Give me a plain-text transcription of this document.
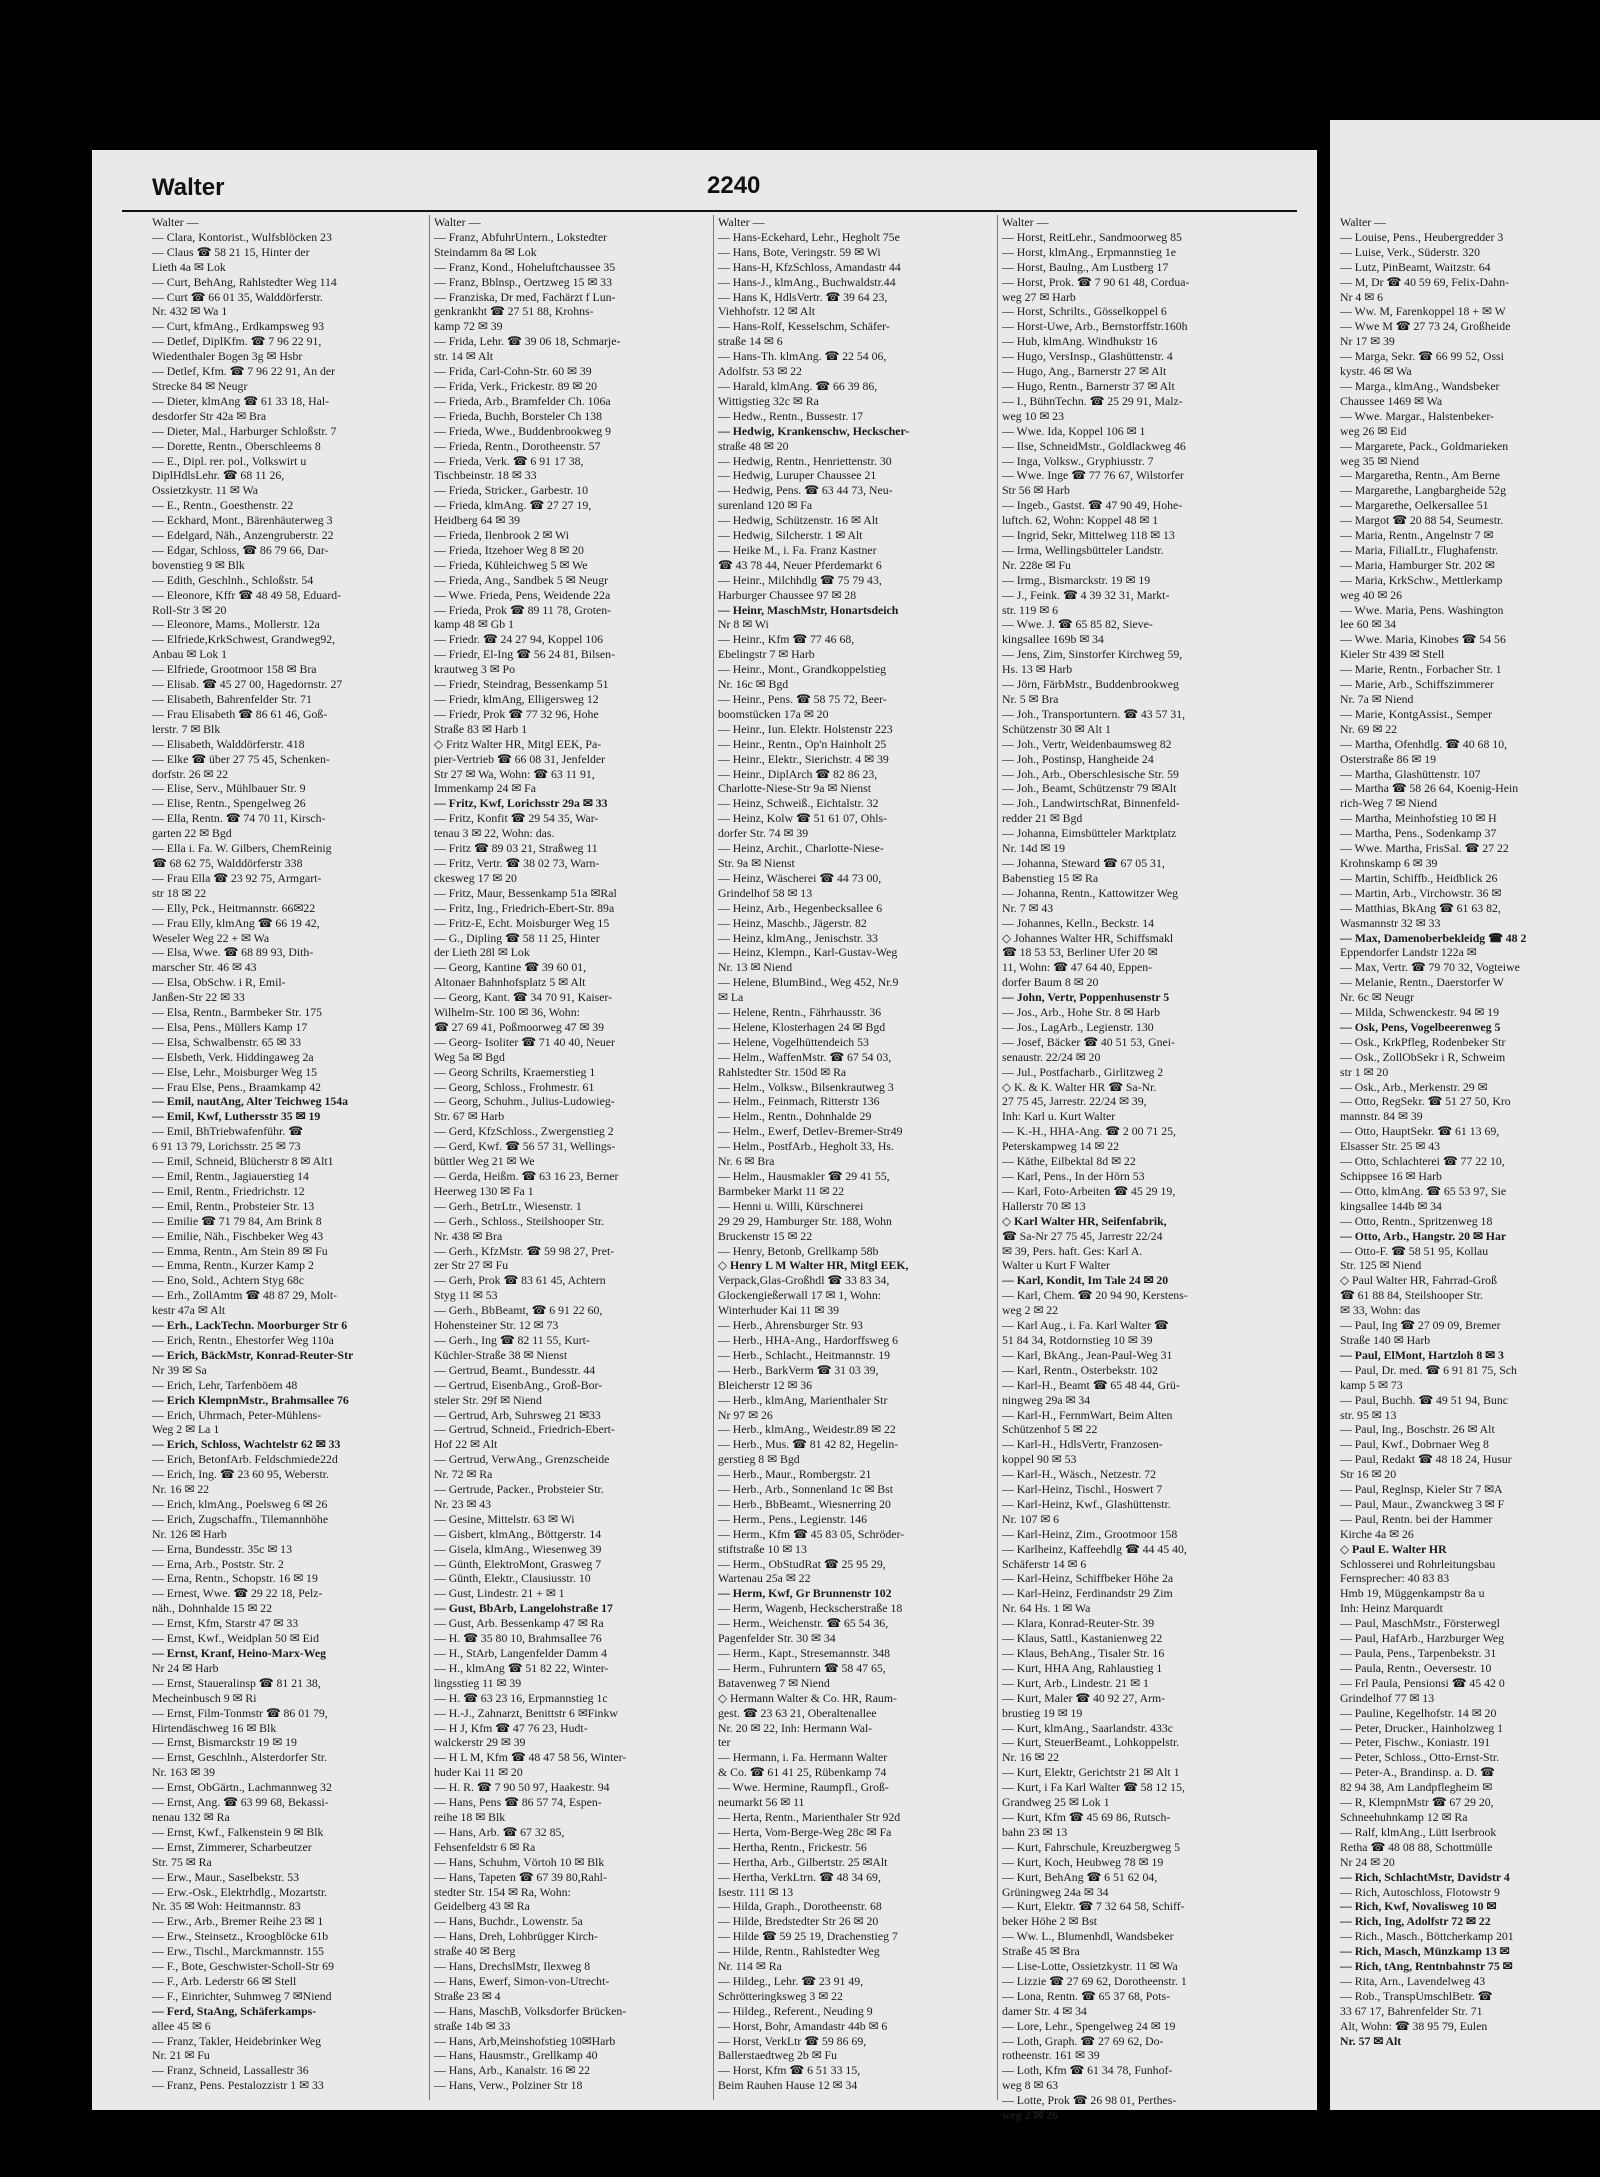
Walter	2240
Walter —
— Clara, Kontorist., Wulfsblöcken 23
— Claus ☎ 58 21 15, Hinter der
Lieth 4a ✉ Lok
— Curt, BehAng, Rahlstedter Weg 114
— Curt ☎ 66 01 35, Walddörferstr.
Nr. 432 ✉ Wa 1
— Curt, kfmAng., Erdkampsweg 93
— Detlef, DiplKfm. ☎ 7 96 22 91,
Wiedenthaler Bogen 3g ✉ Hsbr
— Detlef, Kfm. ☎ 7 96 22 91, An der
Strecke 84 ✉ Neugr
— Dieter, klmAng ☎ 61 33 18, Hal-
desdorfer Str 42a ✉ Bra
— Dieter, Mal., Harburger Schloßstr. 7
— Dorette, Rentn., Oberschleems 8
— E., Dipl. rer. pol., Volkswirt u
DiplHdlsLehr. ☎ 68 11 26,
Ossietzkystr. 11 ✉ Wa
— E., Rentn., Goesthenstr. 22
— Eckhard, Mont., Bärenhäuterweg 3
— Edelgard, Näh., Anzengruberstr. 22
— Edgar, Schloss, ☎ 86 79 66, Dar-
bovenstieg 9 ✉ Blk
— Edith, Geschlnh., Schloßstr. 54
— Eleonore, Kffr ☎ 48 49 58, Eduard-
Roll-Str 3 ✉ 20
— Eleonore, Mams., Mollerstr. 12a
— Elfriede,KrkSchwest, Grandweg92,
Anbau ✉ Lok 1
— Elfriede, Grootmoor 158 ✉ Bra
— Elisab. ☎ 45 27 00, Hagedornstr. 27
— Elisabeth, Bahrenfelder Str. 71
— Frau Elisabeth ☎ 86 61 46, Goß-
lerstr. 7 ✉ Blk
— Elisabeth, Walddörferstr. 418
— Elke ☎ über 27 75 45, Schenken-
dorfstr. 26 ✉ 22
— Elise, Serv., Mühlbauer Str. 9
— Elise, Rentn., Spengelweg 26
— Ella, Rentn. ☎ 74 70 11, Kirsch-
garten 22 ✉ Bgd
— Ella i. Fa. W. Gilbers, ChemReinig
☎ 68 62 75, Walddörferstr 338
— Frau Ella ☎ 23 92 75, Armgart-
str 18 ✉ 22
— Elly, Pck., Heitmannstr. 66✉22
— Frau Elly, klmAng ☎ 66 19 42,
Weseler Weg 22 + ✉ Wa
— Elsa, Wwe. ☎ 68 89 93, Dith-
marscher Str. 46 ✉ 43
— Elsa, ObSchw. i R, Emil-
Janßen-Str 22 ✉ 33
— Elsa, Rentn., Barmbeker Str. 175
— Elsa, Pens., Müllers Kamp 17
— Elsa, Schwalbenstr. 65 ✉ 33
— Elsbeth, Verk. Hiddingaweg 2a
— Else, Lehr., Moisburger Weg 15
— Frau Else, Pens., Braamkamp 42
— Emil, nautAng, Alter Teichweg 154a
— Emil, Kwf, Luthersstr 35 ✉ 19
— Emil, BhTriebwafenführ. ☎
6 91 13 79, Lorichsstr. 25 ✉ 73
— Emil, Schneid, Blücherstr 8 ✉ Alt1
— Emil, Rentn., Jagiauerstieg 14
— Emil, Rentn., Friedrichstr. 12
— Emil, Rentn., Probsteier Str. 13
— Emilie ☎ 71 79 84, Am Brink 8
— Emilie, Näh., Fischbeker Weg 43
— Emma, Rentn., Am Stein 89 ✉ Fu
— Emma, Rentn., Kurzer Kamp 2
— Eno, Sold., Achtern Styg 68c
— Erh., ZollAmtm ☎ 48 87 29, Molt-
kestr 47a ✉ Alt
— Erh., LackTechn. Moorburger Str 6
— Erich, Rentn., Ehestorfer Weg 110a
— Erich, BäckMstr, Konrad-Reuter-Str
Nr 39 ✉ Sa
— Erich, Lehr, Tarfenböem 48
— Erich KlempnMstr., Brahmsallee 76
— Erich, Uhrmach, Peter-Mühlens-
Weg 2 ✉ La 1
— Erich, Schloss, Wachtelstr 62 ✉ 33
— Erich, BetonfArb. Feldschmiede22d
— Erich, Ing. ☎ 23 60 95, Weberstr.
Nr. 16 ✉ 22
— Erich, klmAng., Poelsweg 6 ✉ 26
— Erich, Zugschaffn., Tilemannhöhe
Nr. 126 ✉ Harb
— Erna, Bundesstr. 35c ✉ 13
— Erna, Arb., Poststr. Str. 2
— Erna, Rentn., Schopstr. 16 ✉ 19
— Ernest, Wwe. ☎ 29 22 18, Pelz-
näh., Dohnhalde 15 ✉ 22
— Ernst, Kfm, Starstr 47 ✉ 33
— Ernst, Kwf., Weidplan 50 ✉ Eid
— Ernst, Kranf, Heino-Marx-Weg
Nr 24 ✉ Harb
— Ernst, Staueralinsp ☎ 81 21 38,
Mecheinbusch 9 ✉ Ri
— Ernst, Film-Tonmstr ☎ 86 01 79,
Hirtendäschweg 16 ✉ Blk
— Ernst, Bismarckstr 19 ✉ 19
— Ernst, Geschlnh., Alsterdorfer Str.
Nr. 163 ✉ 39
— Ernst, ObGärtn., Lachmannweg 32
— Ernst, Ang. ☎ 63 99 68, Bekassi-
nenau 132 ✉ Ra
— Ernst, Kwf., Falkenstein 9 ✉ Blk
— Ernst, Zimmerer, Scharbeutzer
Str. 75 ✉ Ra
— Erw., Maur., Saselbekstr. 53
— Erw.-Osk., Elektrhdlg., Mozartstr.
Nr. 35 ✉ Woh: Heitmannstr. 83
— Erw., Arb., Bremer Reihe 23 ✉ 1
— Erw., Steinsetz., Kroogblöcke 61b
— Erw., Tischl., Marckmannstr. 155
— F., Bote, Geschwister-Scholl-Str 69
— F., Arb. Lederstr 66 ✉ Stell
— F., Einrichter, Suhmweg 7 ✉Niend
— Ferd, StaAng, Schäferkamps-
allee 45 ✉ 6
— Franz, Takler, Heidebrinker Weg
Nr. 21 ✉ Fu
— Franz, Schneid, Lassallestr 36
— Franz, Pens. Pestalozzistr 1 ✉ 33
Walter —
— Franz, AbfuhrUntern., Lokstedter
Steindamm 8a ✉ Lok
— Franz, Kond., Hoheluftchaussee 35
— Franz, Bblnsp., Oertzweg 15 ✉ 33
— Franziska, Dr med, Fachärzt f Lun-
genkrankht ☎ 27 51 88, Krohns-
kamp 72 ✉ 39
— Frida, Lehr. ☎ 39 06 18, Schmarje-
str. 14 ✉ Alt
— Frida, Carl-Cohn-Str. 60 ✉ 39
— Frida, Verk., Frickestr. 89 ✉ 20
— Frieda, Arb., Bramfelder Ch. 106a
— Frieda, Buchh, Borsteler Ch 138
— Frieda, Wwe., Buddenbrookweg 9
— Frieda, Rentn., Dorotheenstr. 57
— Frieda, Verk. ☎ 6 91 17 38,
Tischbeinstr. 18 ✉ 33
— Frieda, Stricker., Garbestr. 10
— Frieda, klmAng. ☎ 27 27 19,
Heidberg 64 ✉ 39
— Frieda, Ilenbrook 2 ✉ Wi
— Frieda, Itzehoer Weg 8 ✉ 20
— Frieda, Kühleichweg 5 ✉ We
— Frieda, Ang., Sandbek 5 ✉ Neugr
— Wwe. Frieda, Pens, Weidende 22a
— Frieda, Prok ☎ 89 11 78, Groten-
kamp 48 ✉ Gb 1
— Friedr. ☎ 24 27 94, Koppel 106
— Friedr, El-Ing ☎ 56 24 81, Bilsen-
krautweg 3 ✉ Po
— Friedr, Steindrag, Bessenkamp 51
— Friedr, klmAng, Elligersweg 12
— Friedr, Prok ☎ 77 32 96, Hohe
Straße 83 ✉ Harb 1
◇ Fritz Walter HR, Mitgl EEK, Pa-
pier-Vertrieb ☎ 66 08 31, Jenfelder
Str 27 ✉ Wa, Wohn: ☎ 63 11 91,
Immenkamp 24 ✉ Fa
— Fritz, Kwf, Lorichsstr 29a ✉ 33
— Fritz, Konfit ☎ 29 54 35, War-
tenau 3 ✉ 22, Wohn: das.
— Fritz ☎ 89 03 21, Straßweg 11
— Fritz, Vertr. ☎ 38 02 73, Warn-
ckesweg 17 ✉ 20
— Fritz, Maur, Bessenkamp 51a ✉Ral
— Fritz, Ing., Friedrich-Ebert-Str. 89a
— Fritz-E, Echt. Moisburger Weg 15
— G., Dipling ☎ 58 11 25, Hinter
der Lieth 28l ✉ Lok
— Georg, Kantine ☎ 39 60 01,
Altonaer Bahnhofsplatz 5 ✉ Alt
— Georg, Kant. ☎ 34 70 91, Kaiser-
Wilhelm-Str. 100 ✉ 36, Wohn:
☎ 27 69 41, Poßmoorweg 47 ✉ 39
— Georg- Isoliter ☎ 71 40 40, Neuer
Weg 5a ✉ Bgd
— Georg Schrilts, Kraemerstieg 1
— Georg, Schloss., Frohmestr. 61
— Georg, Schuhm., Julius-Ludowieg-
Str. 67 ✉ Harb
— Gerd, KfzSchloss., Zwergenstieg 2
— Gerd, Kwf. ☎ 56 57 31, Wellings-
büttler Weg 21 ✉ We
— Gerda, Heißm. ☎ 63 16 23, Berner
Heerweg 130 ✉ Fa 1
— Gerh., BetrLtr., Wiesenstr. 1
— Gerh., Schloss., Steilshooper Str.
Nr. 438 ✉ Bra
— Gerh., KfzMstr. ☎ 59 98 27, Pret-
zer Str 27 ✉ Fu
— Gerh, Prok ☎ 83 61 45, Achtern
Styg 11 ✉ 53
— Gerh., BbBeamt, ☎ 6 91 22 60,
Hohensteiner Str. 12 ✉ 73
— Gerh., Ing ☎ 82 11 55, Kurt-
Küchler-Straße 38 ✉ Nienst
— Gertrud, Beamt., Bundesstr. 44
— Gertrud, EisenbAng., Groß-Bor-
steler Str. 29f ✉ Niend
— Gertrud, Arb, Suhrsweg 21 ✉33
— Gertrud, Schneid., Friedrich-Ebert-
Hof 22 ✉ Alt
— Gertrud, VerwAng., Grenzscheide
Nr. 72 ✉ Ra
— Gertrude, Packer., Probsteier Str.
Nr. 23 ✉ 43
— Gesine, Mittelstr. 63 ✉ Wi
— Gisbert, klmAng., Böttgerstr. 14
— Gisela, klmAng., Wiesenweg 39
— Günth, ElektroMont, Grasweg 7
— Günth, Elektr., Clausiusstr. 10
— Gust, Lindestr. 21 + ✉ 1
— Gust, BbArb, Langelohstraße 17
— Gust, Arb. Bessenkamp 47 ✉ Ra
— H. ☎ 35 80 10, Brahmsallee 76
— H., StArb, Langenfelder Damm 4
— H., klmAng ☎ 51 82 22, Winter-
lingsstieg 11 ✉ 39
— H. ☎ 63 23 16, Erpmannstieg 1c
— H.-J., Zahnarzt, Benittstr 6 ✉Finkw
— H J, Kfm ☎ 47 76 23, Hudt-
walckerstr 29 ✉ 39
— H L M, Kfm ☎ 48 47 58 56, Winter-
huder Kai 11 ✉ 20
— H. R. ☎ 7 90 50 97, Haakestr. 94
— Hans, Pens ☎ 86 57 74, Espen-
reihe 18 ✉ Blk
— Hans, Arb. ☎ 67 32 85,
Fehsenfeldstr 6 ✉ Ra
— Hans, Schuhm, Vörtoh 10 ✉ Blk
— Hans, Tapeten ☎ 67 39 80,Rahl-
stedter Str. 154 ✉ Ra, Wohn:
Geidelberg 43 ✉ Ra
— Hans, Buchdr., Lowenstr. 5a
— Hans, Dreh, Lohbrügger Kirch-
straße 40 ✉ Berg
— Hans, DrechslMstr, Ilexweg 8
— Hans, Ewerf, Simon-von-Utrecht-
Straße 23 ✉ 4
— Hans, MaschB, Volksdorfer Brücken-
straße 14b ✉ 33
— Hans, Arb,Meinshofstieg 10✉Harb
— Hans, Hausmstr., Grellkamp 40
— Hans, Arb., Kanalstr. 16 ✉ 22
— Hans, Verw., Polziner Str 18
Walter —
— Hans-Eckehard, Lehr., Hegholt 75e
— Hans, Bote, Veringstr. 59 ✉ Wi
— Hans-H, KfzSchloss, Amandastr 44
— Hans-J., klmAng., Buchwaldstr.44
— Hans K, HdlsVertr. ☎ 39 64 23,
Viehhofstr. 12 ✉ Alt
— Hans-Rolf, Kesselschm, Schäfer-
straße 14 ✉ 6
— Hans-Th. klmAng. ☎ 22 54 06,
Adolfstr. 53 ✉ 22
— Harald, klmAng. ☎ 66 39 86,
Wittigstieg 32c ✉ Ra
— Hedw., Rentn., Bussestr. 17
— Hedwig, Krankenschw, Heckscher-
straße 48 ✉ 20
— Hedwig, Rentn., Henriettenstr. 30
— Hedwig, Luruper Chaussee 21
— Hedwig, Pens. ☎ 63 44 73, Neu-
surenland 120 ✉ Fa
— Hedwig, Schützenstr. 16 ✉ Alt
— Hedwig, Silcherstr. 1 ✉ Alt
— Heike M., i. Fa. Franz Kastner
☎ 43 78 44, Neuer Pferdemarkt 6
— Heinr., Milchhdlg ☎ 75 79 43,
Harburger Chaussee 97 ✉ 28
— Heinr, MaschMstr, Honartsdeich
Nr 8 ✉ Wi
— Heinr., Kfm ☎ 77 46 68,
Ebelingstr 7 ✉ Harb
— Heinr., Mont., Grandkoppelstieg
Nr. 16c ✉ Bgd
— Heinr., Pens. ☎ 58 75 72, Beer-
boomstücken 17a ✉ 20
— Heinr., Iun. Elektr. Holstenstr 223
— Heinr., Rentn., Op'n Hainholt 25
— Heinr., Elektr., Sierichstr. 4 ✉ 39
— Heinr., DiplArch ☎ 82 86 23,
Charlotte-Niese-Str 9a ✉ Nienst
— Heinz, Schweiß., Eichtalstr. 32
— Heinz, Kolw ☎ 51 61 07, Ohls-
dorfer Str. 74 ✉ 39
— Heinz, Archit., Charlotte-Niese-
Str. 9a ✉ Nienst
— Heinz, Wäscherei ☎ 44 73 00,
Grindelhof 58 ✉ 13
— Heinz, Arb., Hegenbecksallee 6
— Heinz, Maschb., Jägerstr. 82
— Heinz, klmAng., Jenischstr. 33
— Heinz, Klempn., Karl-Gustav-Weg
Nr. 13 ✉ Niend
— Helene, BlumBind., Weg 452, Nr.9
✉ La
— Helene, Rentn., Fährhausstr. 36
— Helene, Klosterhagen 24 ✉ Bgd
— Helene, Vogelhüttendeich 53
— Helm., WaffenMstr. ☎ 67 54 03,
Rahlstedter Str. 150d ✉ Ra
— Helm., Volksw., Bilsenkrautweg 3
— Helm., Feinmach, Ritterstr 136
— Helm., Rentn., Dohnhalde 29
— Helm., Ewerf, Detlev-Bremer-Str49
— Helm., PostfArb., Hegholt 33, Hs.
Nr. 6 ✉ Bra
— Helm., Hausmakler ☎ 29 41 55,
Barmbeker Markt 11 ✉ 22
— Henni u. Willi, Kürschnerei
29 29 29, Hamburger Str. 188, Wohn
Bruckenstr 15 ✉ 22
— Henry, Betonb, Grellkamp 58b
◇ Henry L M Walter HR, Mitgl EEK,
Verpack,Glas-Großhdl ☎ 33 83 34,
Glockengießerwall 17 ✉ 1, Wohn:
Winterhuder Kai 11 ✉ 39
— Herb., Ahrensburger Str. 93
— Herb., HHA-Ang., Hardorffsweg 6
— Herb., Schlacht., Heitmannstr. 19
— Herb., BarkVerm ☎ 31 03 39,
Bleicherstr 12 ✉ 36
— Herb., klmAng, Marienthaler Str
Nr 97 ✉ 26
— Herb., klmAng., Weidestr.89 ✉ 22
— Herb., Mus. ☎ 81 42 82, Hegelin-
gerstieg 8 ✉ Bgd
— Herb., Maur., Rombergstr. 21
— Herb., Arb., Sonnenland 1c ✉ Bst
— Herb., BbBeamt., Wiesnerring 20
— Herm., Pens., Legienstr. 146
— Herm., Kfm ☎ 45 83 05, Schröder-
stiftstraße 10 ✉ 13
— Herm., ObStudRat ☎ 25 95 29,
Wartenau 25a ✉ 22
— Herm, Kwf, Gr Brunnenstr 102
— Herm, Wagenb, Heckscherstraße 18
— Herm., Weichenstr. ☎ 65 54 36,
Pagenfelder Str. 30 ✉ 34
— Herm., Kapt., Stresemannstr. 348
— Herm., Fuhruntern ☎ 58 47 65,
Batavenweg 7 ✉ Niend
◇ Hermann Walter & Co. HR, Raum-
gest. ☎ 23 63 21, Oberaltenallee
Nr. 20 ✉ 22, Inh: Hermann Wal-
ter
— Hermann, i. Fa. Hermann Walter
& Co. ☎ 61 41 25, Rübenkamp 74
— Wwe. Hermine, Raumpfl., Groß-
neumarkt 56 ✉ 11
— Herta, Rentn., Marienthaler Str 92d
— Herta, Vom-Berge-Weg 28c ✉ Fa
— Hertha, Rentn., Frickestr. 56
— Hertha, Arb., Gilbertstr. 25 ✉Alt
— Hertha, VerkLtrn. ☎ 48 34 69,
Isestr. 111 ✉ 13
— Hilda, Graph., Dorotheenstr. 68
— Hilde, Bredstedter Str 26 ✉ 20
— Hilde ☎ 59 25 19, Drachenstieg 7
— Hilde, Rentn., Rahlstedter Weg
Nr. 114 ✉ Ra
— Hildeg., Lehr. ☎ 23 91 49,
Schrötteringksweg 3 ✉ 22
— Hildeg., Referent., Neuding 9
— Horst, Bohr, Amandastr 44b ✉ 6
— Horst, VerkLtr ☎ 59 86 69,
Ballerstaedtweg 2b ✉ Fu
— Horst, Kfm ☎ 6 51 33 15,
Beim Rauhen Hause 12 ✉ 34
Walter —
— Horst, ReitLehr., Sandmoorweg 85
— Horst, klmAng., Erpmannstieg 1e
— Horst, Baulng., Am Lustberg 17
— Horst, Prok. ☎ 7 90 61 48, Cordua-
weg 27 ✉ Harb
— Horst, Schrilts., Gösselkoppel 6
— Horst-Uwe, Arb., Bernstorffstr.160h
— Hub, klmAng. Windhukstr 16
— Hugo, VersInsp., Glashüttenstr. 4
— Hugo, Ang., Barnerstr 27 ✉ Alt
— Hugo, Rentn., Barnerstr 37 ✉ Alt
— I., BühnTechn. ☎ 25 29 91, Malz-
weg 10 ✉ 23
— Wwe. Ida, Koppel 106 ✉ 1
— Ilse, SchneidMstr., Goldlackweg 46
— Inga, Volksw., Gryphiusstr. 7
— Wwe. Inge ☎ 77 76 67, Wilstorfer
Str 56 ✉ Harb
— Ingeb., Gastst. ☎ 47 90 49, Hohe-
luftch. 62, Wohn: Koppel 48 ✉ 1
— Ingrid, Sekr, Mittelweg 118 ✉ 13
— Irma, Wellingsbütteler Landstr.
Nr. 228e ✉ Fu
— Irmg., Bismarckstr. 19 ✉ 19
— J., Feink. ☎ 4 39 32 31, Markt-
str. 119 ✉ 6
— Wwe. J. ☎ 65 85 82, Sieve-
kingsallee 169b ✉ 34
— Jens, Zim, Sinstorfer Kirchweg 59,
Hs. 13 ✉ Harb
— Jörn, FärbMstr., Buddenbrookweg
Nr. 5 ✉ Bra
— Joh., Transportuntern. ☎ 43 57 31,
Schützenstr 30 ✉ Alt 1
— Joh., Vertr, Weidenbaumsweg 82
— Joh., Postinsp, Hangheide 24
— Joh., Arb., Oberschlesische Str. 59
— Joh., Beamt, Schützenstr 79 ✉Alt
— Joh., LandwirtschRat, Binnenfeld-
redder 21 ✉ Bgd
— Johanna, Eimsbütteler Marktplatz
Nr. 14d ✉ 19
— Johanna, Steward ☎ 67 05 31,
Babenstieg 15 ✉ Ra
— Johanna, Rentn., Kattowitzer Weg
Nr. 7 ✉ 43
— Johannes, Kelln., Beckstr. 14
◇ Johannes Walter HR, Schiffsmakl
☎ 18 53 53, Berliner Ufer 20 ✉
11, Wohn: ☎ 47 64 40, Eppen-
dorfer Baum 8 ✉ 20
— John, Vertr, Poppenhusenstr 5
— Jos., Arb., Hohe Str. 8 ✉ Harb
— Jos., LagArb., Legienstr. 130
— Josef, Bäcker ☎ 40 51 53, Gnei-
senaustr. 22/24 ✉ 20
— Jul., Postfacharb., Girlitzweg 2
◇ K. & K. Walter HR ☎ Sa-Nr.
27 75 45, Jarrestr. 22/24 ✉ 39,
Inh: Karl u. Kurt Walter
— K.-H., HHA-Ang. ☎ 2 00 71 25,
Peterskampweg 14 ✉ 22
— Käthe, Eilbektal 8d ✉ 22
— Karl, Pens., In der Hörn 53
— Karl, Foto-Arbeiten ☎ 45 29 19,
Hallerstr 70 ✉ 13
◇ Karl Walter HR, Seifenfabrik,
☎ Sa-Nr 27 75 45, Jarrestr 22/24
✉ 39, Pers. haft. Ges: Karl A.
Walter u Kurt F Walter
— Karl, Kondit, Im Tale 24 ✉ 20
— Karl, Chem. ☎ 20 94 90, Kerstens-
weg 2 ✉ 22
— Karl Aug., i. Fa. Karl Walter ☎
51 84 34, Rotdornstieg 10 ✉ 39
— Karl, BkAng., Jean-Paul-Weg 31
— Karl, Rentn., Osterbekstr. 102
— Karl-H., Beamt ☎ 65 48 44, Grü-
ningweg 29a ✉ 34
— Karl-H., FernmWart, Beim Alten
Schützenhof 5 ✉ 22
— Karl-H., HdlsVertr, Franzosen-
koppel 90 ✉ 53
— Karl-H., Wäsch., Netzestr. 72
— Karl-Heinz, Tischl., Hoswert 7
— Karl-Heinz, Kwf., Glashüttenstr.
Nr. 107 ✉ 6
— Karl-Heinz, Zim., Grootmoor 158
— Karlheinz, Kaffeehdlg ☎ 44 45 40,
Schäferstr 14 ✉ 6
— Karl-Heinz, Schiffbeker Höhe 2a
— Karl-Heinz, Ferdinandstr 29 Zim
Nr. 64 Hs. 1 ✉ Wa
— Klara, Konrad-Reuter-Str. 39
— Klaus, Sattl., Kastanienweg 22
— Klaus, BehAng., Tisaler Str. 16
— Kurt, HHA Ang, Rahlaustieg 1
— Kurt, Arb., Lindestr. 21 ✉ 1
— Kurt, Maler ☎ 40 92 27, Arm-
brustieg 19 ✉ 19
— Kurt, klmAng., Saarlandstr. 433c
— Kurt, SteuerBeamt., Lohkoppelstr.
Nr. 16 ✉ 22
— Kurt, Elektr, Gerichtstr 21 ✉ Alt 1
— Kurt, i Fa Karl Walter ☎ 58 12 15,
Grandweg 25 ✉ Lok 1
— Kurt, Kfm ☎ 45 69 86, Rutsch-
bahn 23 ✉ 13
— Kurt, Fahrschule, Kreuzbergweg 5
— Kurt, Koch, Heubweg 78 ✉ 19
— Kurt, BehAng ☎ 6 51 62 04,
Grüningweg 24a ✉ 34
— Kurt, Elektr. ☎ 7 32 64 58, Schiff-
beker Höhe 2 ✉ Bst
— Ww. L., Blumenhdl, Wandsbeker
Straße 45 ✉ Bra
— Lise-Lotte, Ossietzkystr. 11 ✉ Wa
— Lizzie ☎ 27 69 62, Dorotheenstr. 1
— Lona, Rentn. ☎ 65 37 68, Pots-
damer Str. 4 ✉ 34
— Lore, Lehr., Spengelweg 24 ✉ 19
— Loth, Graph. ☎ 27 69 62, Do-
rotheenstr. 161 ✉ 39
— Loth, Kfm ☎ 61 34 78, Funhof-
weg 8 ✉ 63
— Lotte, Prok ☎ 26 98 01, Perthes-
weg 2 ✉ 26
Walter —
— Louise, Pens., Heubergredder 3
— Luise, Verk., Süderstr. 320
— Lutz, PinBeamt, Waitzstr. 64
— M, Dr ☎ 40 59 69, Felix-Dahn-
Nr 4 ✉ 6
— Ww. M, Farenkoppel 18 + ✉ W
— Wwe M ☎ 27 73 24, Großheide
Nr 17 ✉ 39
— Marga, Sekr. ☎ 66 99 52, Ossi
kystr. 46 ✉ Wa
— Marga., klmAng., Wandsbeker
Chaussee 1469 ✉ Wa
— Wwe. Margar., Halstenbeker-
weg 26 ✉ Eid
— Margarete, Pack., Goldmarieken
weg 35 ✉ Niend
— Margaretha, Rentn., Am Berne
— Margarethe, Langbargheide 52g
— Margarethe, Oelkersallee 51
— Margot ☎ 20 88 54, Seumestr.
— Maria, Rentn., Angelnstr 7 ✉
— Maria, FilialLtr., Flughafenstr.
— Maria, Hamburger Str. 202 ✉
— Maria, KrkSchw., Mettlerkamp
weg 40 ✉ 26
— Wwe. Maria, Pens. Washington
lee 60 ✉ 34
— Wwe. Maria, Kinobes ☎ 54 56
Kieler Str 439 ✉ Stell
— Marie, Rentn., Forbacher Str. 1
— Marie, Arb., Schiffszimmerer
Nr. 7a ✉ Niend
— Marie, KontgAssist., Semper
Nr. 69 ✉ 22
— Martha, Ofenhdlg. ☎ 40 68 10,
Osterstraße 86 ✉ 19
— Martha, Glashüttenstr. 107
— Martha ☎ 58 26 64, Koenig-Hein
rich-Weg 7 ✉ Niend
— Martha, Meinhofstieg 10 ✉ H
— Martha, Pens., Sodenkamp 37
— Wwe. Martha, FrisSal. ☎ 27 22
Krohnskamp 6 ✉ 39
— Martin, Schiffb., Heidblick 26
— Martin, Arb., Virchowstr. 36 ✉
— Matthias, BkAng ☎ 61 63 82,
Wasmannstr 32 ✉ 33
— Max, Damenoberbekleidg ☎ 48 2
Eppendorfer Landstr 122a ✉
— Max, Vertr. ☎ 79 70 32, Vogteiwe
— Melanie, Rentn., Daerstorfer W
Nr. 6c ✉ Neugr
— Milda, Schwenckestr. 94 ✉ 19
— Osk, Pens, Vogelbeerenweg 5
— Osk., KrkPfleg, Rodenbeker Str
— Osk., ZollObSekr i R, Schweim
str 1 ✉ 20
— Osk., Arb., Merkenstr. 29 ✉
— Otto, RegSekr. ☎ 51 27 50, Kro
mannstr. 84 ✉ 39
— Otto, HauptSekr. ☎ 61 13 69,
Elsasser Str. 25 ✉ 43
— Otto, Schlachterei ☎ 77 22 10,
Schippsee 16 ✉ Harb
— Otto, klmAng. ☎ 65 53 97, Sie
kingsallee 144b ✉ 34
— Otto, Rentn., Spritzenweg 18
— Otto, Arb., Hangstr. 20 ✉ Har
— Otto-F. ☎ 58 51 95, Kollau
Str. 125 ✉ Niend
◇ Paul Walter HR, Fahrrad-Groß
☎ 61 88 84, Steilshooper Str.
✉ 33, Wohn: das
— Paul, Ing ☎ 27 09 09, Bremer
Straße 140 ✉ Harb
— Paul, ElMont, Hartzloh 8 ✉ 3
— Paul, Dr. med. ☎ 6 91 81 75, Sch
kamp 5 ✉ 73
— Paul, Buchh. ☎ 49 51 94, Bunc
str. 95 ✉ 13
— Paul, Ing., Boschstr. 26 ✉ Alt
— Paul, Kwf., Dobrnaer Weg 8
— Paul, Redakt ☎ 48 18 24, Husur
Str 16 ✉ 20
— Paul, Reglnsp, Kieler Str 7 ✉A
— Paul, Maur., Zwanckweg 3 ✉ F
— Paul, Rentn. bei der Hammer
Kirche 4a ✉ 26
◇ Paul E. Walter HR
Schlosserei und Rohrleitungsbau
Fernsprecher: 40 83 83
Hmb 19, Müggenkampstr 8a u
Inh: Heinz Marquardt
— Paul, MaschMstr., Försterwegl
— Paul, HafArb., Harzburger Weg
— Paula, Pens., Tarpenbekstr. 31
— Paula, Rentn., Oeversestr. 10
— Frl Paula, Pensionsi ☎ 45 42 0
Grindelhof 77 ✉ 13
— Pauline, Kegelhofstr. 14 ✉ 20
— Peter, Drucker., Hainholzweg 1
— Peter, Fischw., Koniastr. 191
— Peter, Schloss., Otto-Ernst-Str.
— Peter-A., Brandinsp. a. D. ☎
82 94 38, Am Landpflegheim ✉
— R, KlempnMstr ☎ 67 29 20,
Schneehuhnkamp 12 ✉ Ra
— Ralf, klmAng., Lütt Iserbrook
Retha ☎ 48 08 88, Schottmülle
Nr 24 ✉ 20
— Rich, SchlachtMstr, Davidstr 4
— Rich, Autoschloss, Flotowstr 9
— Rich, Kwf, Novalisweg 10 ✉
— Rich, Ing, Adolfstr 72 ✉ 22
— Rich., Masch., Böttcherkamp 201
— Rich, Masch, Münzkamp 13 ✉
— Rich, tAng, Rentnbahnstr 75 ✉
— Rita, Arn., Lavendelweg 43
— Rob., TranspUmschlBetr. ☎
33 67 17, Bahrenfelder Str. 71
Alt, Wohn: ☎ 38 95 79, Eulen
Nr. 57 ✉ Alt
